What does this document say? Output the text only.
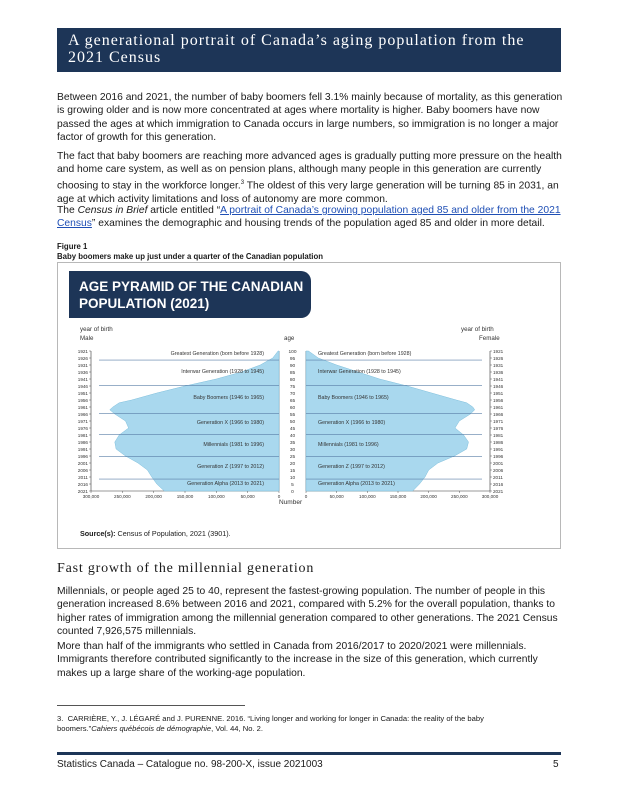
A generational portrait of Canada’s aging population from the 2021 Census

Between 2016 and 2021, the number of baby boomers fell 3.1% mainly because of mortality, as this generation is growing older and is now more concentrated at ages where mortality is higher. Baby boomers have now passed the ages at which immigration to Canada occurs in large numbers, so immigration is no longer a major factor of growth for this generation.

The fact that baby boomers are reaching more advanced ages is gradually putting more pressure on the health and home care system, as well as on pension plans, although many people in this generation are currently choosing to stay in the workforce longer.$^3$ The oldest of this very large generation will be turning 85 in 2031, an age at which activity limitations and loss of autonomy are more common.

The Census in Brief article entitled “A portrait of Canada’s growing population aged 85 and older from the 2021 Census” examines the demographic and housing trends of the population aged 85 and older in more detail.

Figure 1
Baby boomers make up just under a quarter of the Canadian population
AGE PYRAMID OF THE CANADIAN POPULATION (2021)
year of birth
Male
year of birth
Female
age
100
95
90
85
80
75
70
65
60
55
50
45
40
35
30
25
20
15
10
5
0
1921	1921
1926	1926
1931	1931
1936	1936
1941	1941
1946	1946
1951	1951
1956	1956
1961	1961
1966	1966
1971	1971
1976	1976
1981	1981
1986	1986
1991	1991
1996	1996
2001	2001
2006	2006
2011	2011
2016	2016
2021	2021
300,000	250,000	200,000	150,000	100,000	50,000	0	0	50,000	100,000	150,000	200,000	250,000	300,000
Greatest Generation (born before 1928)	Greatest Generation (born before 1928)
Interwar Generation (1928 to 1945)	Interwar Generation (1928 to 1945)
Baby Boomers (1946 to 1965)	Baby Boomers (1946 to 1965)
Generation X (1966 to 1980)	Generation X (1966 to 1980)
Millennials (1981 to 1996)	Millennials (1981 to 1996)
Generation Z (1997 to 2012)	Generation Z (1997 to 2012)
Generation Alpha (2013 to 2021)	Generation Alpha (2013 to 2021)
Number
Source(s): Census of Population, 2021 (3901).
Fast growth of the millennial generation

Millennials, or people aged 25 to 40, represent the fastest-growing population. The number of people in this generation increased 8.6% between 2016 and 2021, compared with 5.2% for the overall population, thanks to higher rates of immigration among the millennial generation compared to other generations. The 2021 Census counted 7,926,575 millennials.

More than half of the immigrants who settled in Canada from 2016/2017 to 2020/2021 were millennials. Immigrants therefore contributed significantly to the increase in the size of this generation, which currently makes up a large share of the working-age population.

3. CARRIÈRE, Y., J. LÉGARÉ and J. PURENNE. 2016. “Living longer and working for longer in Canada: the reality of the baby boomers.”Cahiers québécois de démographie, Vol. 44, No. 2.
Statistics Canada – Catalogue no. 98-200-X, issue 2021003	5
